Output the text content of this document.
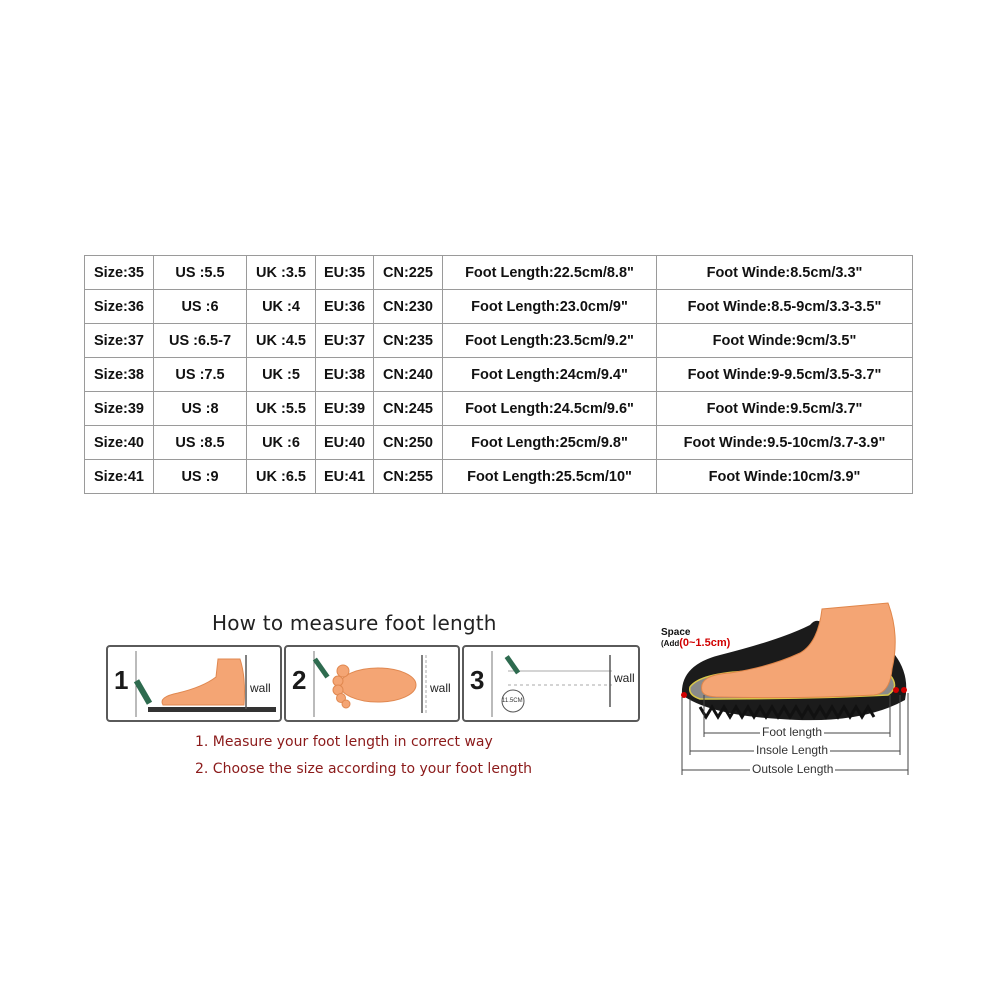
Size:35	US :5.5	UK :3.5	EU:35	CN:225	Foot Length:22.5cm/8.8"	Foot Winde:8.5cm/3.3"
Size:36	US :6	UK :4	EU:36	CN:230	Foot Length:23.0cm/9"	Foot Winde:8.5-9cm/3.3-3.5"
Size:37	US :6.5-7	UK :4.5	EU:37	CN:235	Foot Length:23.5cm/9.2"	Foot Winde:9cm/3.5"
Size:38	US :7.5	UK :5	EU:38	CN:240	Foot Length:24cm/9.4"	Foot Winde:9-9.5cm/3.5-3.7"
Size:39	US :8	UK :5.5	EU:39	CN:245	Foot Length:24.5cm/9.6"	Foot Winde:9.5cm/3.7"
Size:40	US :8.5	UK :6	EU:40	CN:250	Foot Length:25cm/9.8"	Foot Winde:9.5-10cm/3.7-3.9"
Size:41	US :9	UK :6.5	EU:41	CN:255	Foot Length:25.5cm/10"	Foot Winde:10cm/3.9"
How to measure foot length
1	wall 2	wall 3
11.5CM
wall
1. Measure your foot length in correct way
2. Choose the size according to your foot length
Space
(Add(0~1.5cm)
Foot length
Insole Length
Outsole Length
